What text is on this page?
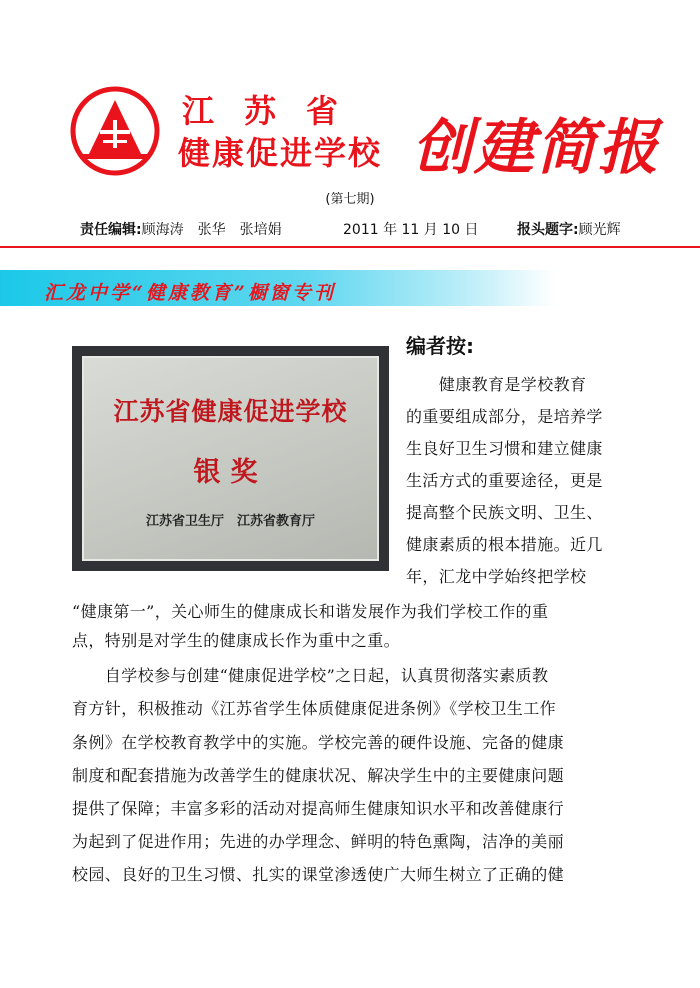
江苏省
健康促进学校 创建简报
(第七期)
责任编辑:顾海涛　张华　张培娟	2011 年 11 月 10 日	报头题字:顾光辉
汇龙中学“健康教育”橱窗专刊
江苏省健康促进学校
银奖
江苏省卫生厅　江苏省教育厅
编者按:
　　健康教育是学校教育
的重要组成部分，是培养学
生良好卫生习惯和建立健康
生活方式的重要途径，更是
提高整个民族文明、卫生、
健康素质的根本措施。近几
年，汇龙中学始终把学校
“健康第一”，关心师生的健康成长和谐发展作为我们学校工作的重
点，特别是对学生的健康成长作为重中之重。
　　自学校参与创建“健康促进学校”之日起，认真贯彻落实素质教
育方针，积极推动《江苏省学生体质健康促进条例》《学校卫生工作
条例》在学校教育教学中的实施。学校完善的硬件设施、完备的健康
制度和配套措施为改善学生的健康状况、解决学生中的主要健康问题
提供了保障；丰富多彩的活动对提高师生健康知识水平和改善健康行
为起到了促进作用；先进的办学理念、鲜明的特色熏陶，洁净的美丽
校园、良好的卫生习惯、扎实的课堂渗透使广大师生树立了正确的健
